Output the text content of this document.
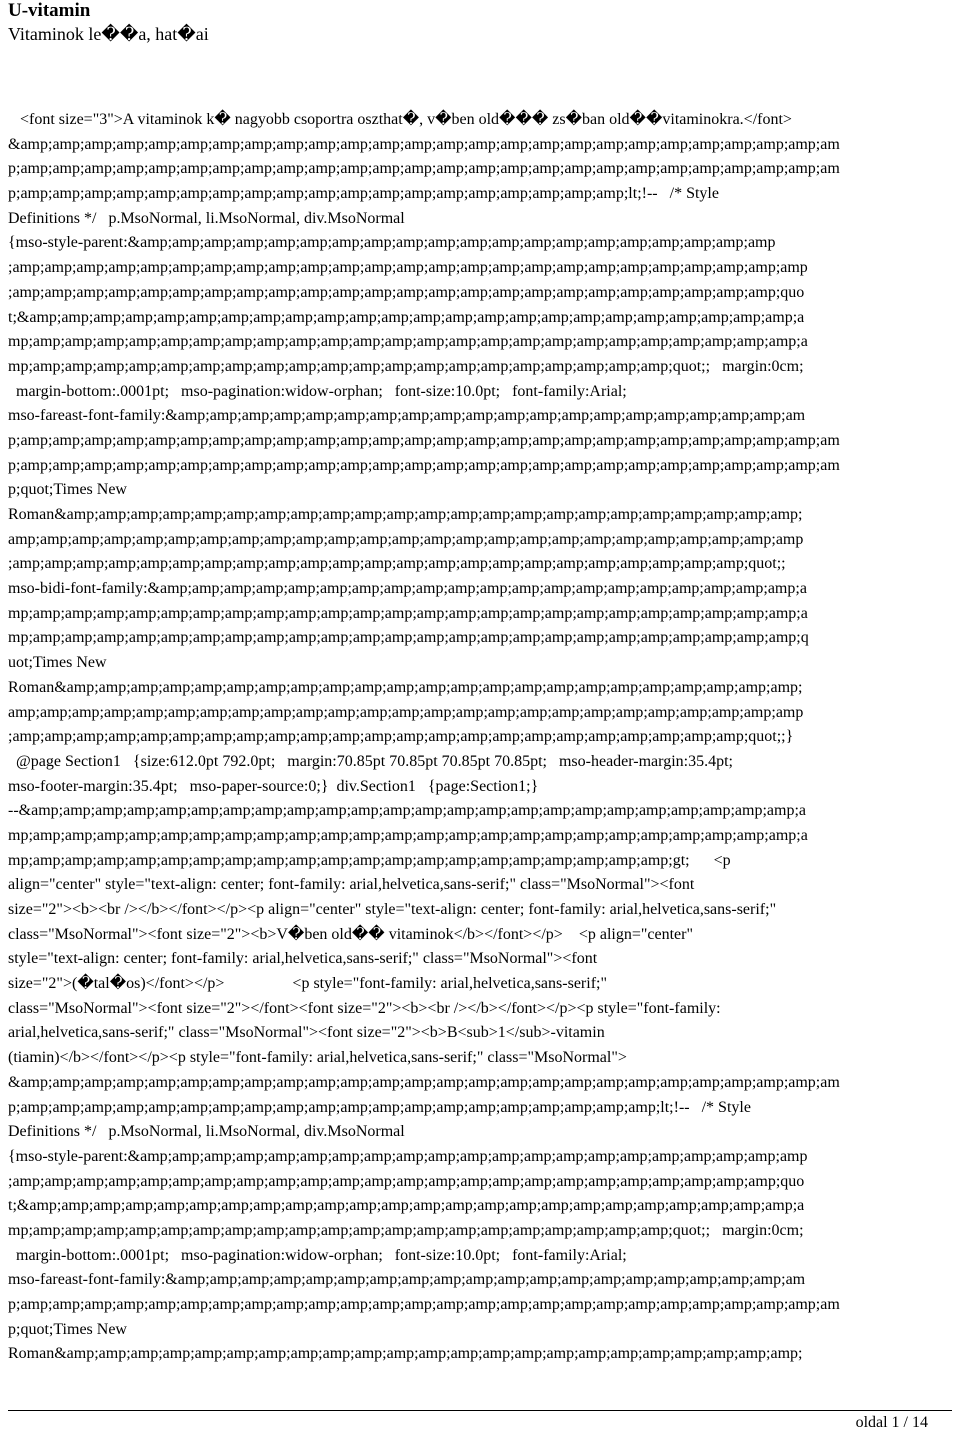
U-vitamin
Vitaminok le��a, hat�ai
<font size="3">A vitaminok k� nagyobb csoportra oszthat�, v�ben old��� zs�ban old��vitaminokra.</font>
&amp;amp;amp;amp;amp;amp;amp;amp;amp;amp;amp;amp;amp;amp;amp;amp;amp;amp;amp;amp;amp;amp;amp;amp;amp;am
p;amp;amp;amp;amp;amp;amp;amp;amp;amp;amp;amp;amp;amp;amp;amp;amp;amp;amp;amp;amp;amp;amp;amp;amp;amp;am
p;amp;amp;amp;amp;amp;amp;amp;amp;amp;amp;amp;amp;amp;amp;amp;amp;amp;amp;amp;lt;!--   /* Style
Definitions */   p.MsoNormal, li.MsoNormal, div.MsoNormal
{mso-style-parent:&amp;amp;amp;amp;amp;amp;amp;amp;amp;amp;amp;amp;amp;amp;amp;amp;amp;amp;amp;amp
;amp;amp;amp;amp;amp;amp;amp;amp;amp;amp;amp;amp;amp;amp;amp;amp;amp;amp;amp;amp;amp;amp;amp;amp;amp
;amp;amp;amp;amp;amp;amp;amp;amp;amp;amp;amp;amp;amp;amp;amp;amp;amp;amp;amp;amp;amp;amp;amp;amp;quo
t;&amp;amp;amp;amp;amp;amp;amp;amp;amp;amp;amp;amp;amp;amp;amp;amp;amp;amp;amp;amp;amp;amp;amp;amp;a
mp;amp;amp;amp;amp;amp;amp;amp;amp;amp;amp;amp;amp;amp;amp;amp;amp;amp;amp;amp;amp;amp;amp;amp;amp;a
mp;amp;amp;amp;amp;amp;amp;amp;amp;amp;amp;amp;amp;amp;amp;amp;amp;amp;amp;amp;amp;quot;;   margin:0cm;
margin-bottom:.0001pt;   mso-pagination:widow-orphan;   font-size:10.0pt;   font-family:Arial;
mso-fareast-font-family:&amp;amp;amp;amp;amp;amp;amp;amp;amp;amp;amp;amp;amp;amp;amp;amp;amp;amp;amp;am
p;amp;amp;amp;amp;amp;amp;amp;amp;amp;amp;amp;amp;amp;amp;amp;amp;amp;amp;amp;amp;amp;amp;amp;amp;amp;am
p;amp;amp;amp;amp;amp;amp;amp;amp;amp;amp;amp;amp;amp;amp;amp;amp;amp;amp;amp;amp;amp;amp;amp;amp;amp;am
p;quot;Times New
Roman&amp;amp;amp;amp;amp;amp;amp;amp;amp;amp;amp;amp;amp;amp;amp;amp;amp;amp;amp;amp;amp;amp;amp;
amp;amp;amp;amp;amp;amp;amp;amp;amp;amp;amp;amp;amp;amp;amp;amp;amp;amp;amp;amp;amp;amp;amp;amp;amp
;amp;amp;amp;amp;amp;amp;amp;amp;amp;amp;amp;amp;amp;amp;amp;amp;amp;amp;amp;amp;amp;amp;amp;quot;;
mso-bidi-font-family:&amp;amp;amp;amp;amp;amp;amp;amp;amp;amp;amp;amp;amp;amp;amp;amp;amp;amp;amp;amp;a
mp;amp;amp;amp;amp;amp;amp;amp;amp;amp;amp;amp;amp;amp;amp;amp;amp;amp;amp;amp;amp;amp;amp;amp;amp;a
mp;amp;amp;amp;amp;amp;amp;amp;amp;amp;amp;amp;amp;amp;amp;amp;amp;amp;amp;amp;amp;amp;amp;amp;amp;q
uot;Times New
Roman&amp;amp;amp;amp;amp;amp;amp;amp;amp;amp;amp;amp;amp;amp;amp;amp;amp;amp;amp;amp;amp;amp;amp;
amp;amp;amp;amp;amp;amp;amp;amp;amp;amp;amp;amp;amp;amp;amp;amp;amp;amp;amp;amp;amp;amp;amp;amp;amp
;amp;amp;amp;amp;amp;amp;amp;amp;amp;amp;amp;amp;amp;amp;amp;amp;amp;amp;amp;amp;amp;amp;amp;quot;;}
@page Section1   {size:612.0pt 792.0pt;   margin:70.85pt 70.85pt 70.85pt 70.85pt;   mso-header-margin:35.4pt;
mso-footer-margin:35.4pt;   mso-paper-source:0;}  div.Section1   {page:Section1;}
--&amp;amp;amp;amp;amp;amp;amp;amp;amp;amp;amp;amp;amp;amp;amp;amp;amp;amp;amp;amp;amp;amp;amp;amp;a
mp;amp;amp;amp;amp;amp;amp;amp;amp;amp;amp;amp;amp;amp;amp;amp;amp;amp;amp;amp;amp;amp;amp;amp;amp;a
mp;amp;amp;amp;amp;amp;amp;amp;amp;amp;amp;amp;amp;amp;amp;amp;amp;amp;amp;amp;amp;gt;      <p
align="center" style="text-align: center; font-family: arial,helvetica,sans-serif;" class="MsoNormal"><font
size="2"><b><br /></b></font></p><p align="center" style="text-align: center; font-family: arial,helvetica,sans-serif;"
class="MsoNormal"><font size="2"><b>V�ben old�� vitaminok</b></font></p>    <p align="center"
style="text-align: center; font-family: arial,helvetica,sans-serif;" class="MsoNormal"><font
size="2">(�tal�os)</font></p>                 <p style="font-family: arial,helvetica,sans-serif;"
class="MsoNormal"><font size="2"></font><font size="2"><b><br /></b></font></p><p style="font-family:
arial,helvetica,sans-serif;" class="MsoNormal"><font size="2"><b>B<sub>1</sub>-vitamin
(tiamin)</b></font></p><p style="font-family: arial,helvetica,sans-serif;" class="MsoNormal">
&amp;amp;amp;amp;amp;amp;amp;amp;amp;amp;amp;amp;amp;amp;amp;amp;amp;amp;amp;amp;amp;amp;amp;amp;amp;am
p;amp;amp;amp;amp;amp;amp;amp;amp;amp;amp;amp;amp;amp;amp;amp;amp;amp;amp;amp;amp;lt;!--   /* Style
Definitions */   p.MsoNormal, li.MsoNormal, div.MsoNormal
{mso-style-parent:&amp;amp;amp;amp;amp;amp;amp;amp;amp;amp;amp;amp;amp;amp;amp;amp;amp;amp;amp;amp;amp
;amp;amp;amp;amp;amp;amp;amp;amp;amp;amp;amp;amp;amp;amp;amp;amp;amp;amp;amp;amp;amp;amp;amp;amp;quo
t;&amp;amp;amp;amp;amp;amp;amp;amp;amp;amp;amp;amp;amp;amp;amp;amp;amp;amp;amp;amp;amp;amp;amp;amp;a
mp;amp;amp;amp;amp;amp;amp;amp;amp;amp;amp;amp;amp;amp;amp;amp;amp;amp;amp;amp;amp;quot;;   margin:0cm;
margin-bottom:.0001pt;   mso-pagination:widow-orphan;   font-size:10.0pt;   font-family:Arial;
mso-fareast-font-family:&amp;amp;amp;amp;amp;amp;amp;amp;amp;amp;amp;amp;amp;amp;amp;amp;amp;amp;amp;am
p;amp;amp;amp;amp;amp;amp;amp;amp;amp;amp;amp;amp;amp;amp;amp;amp;amp;amp;amp;amp;amp;amp;amp;amp;amp;am
p;quot;Times New
Roman&amp;amp;amp;amp;amp;amp;amp;amp;amp;amp;amp;amp;amp;amp;amp;amp;amp;amp;amp;amp;amp;amp;amp;
oldal 1 / 14
